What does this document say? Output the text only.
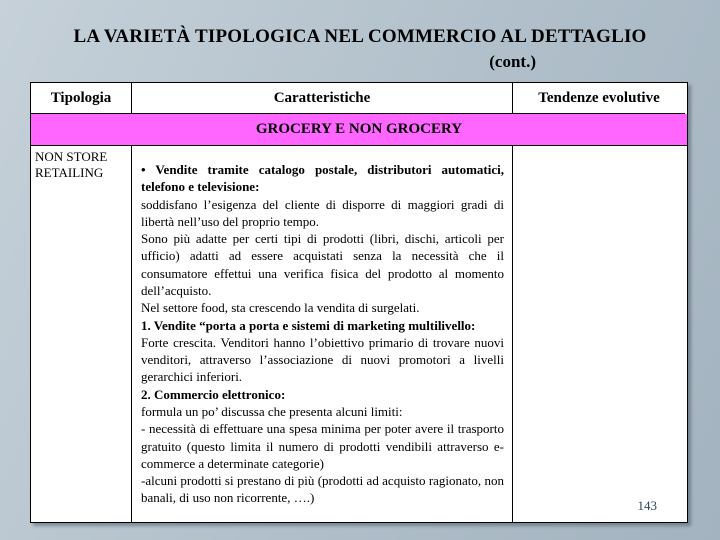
LA VARIETÀ TIPOLOGICA NEL COMMERCIO AL DETTAGLIO
(cont.)
Tipologia	Caratteristiche	Tendenze evolutive
GROCERY E NON GROCERY
NON STORE RETAILING	• Vendite tramite catalogo postale, distributori automatici, telefono e televisione:

soddisfano l’esigenza del cliente di disporre di maggiori gradi di libertà nell’uso del proprio tempo.

Sono più adatte per certi tipi di prodotti (libri, dischi, articoli per ufficio) adatti ad essere acquistati senza la necessità che il consumatore effettui una verifica fisica del prodotto al momento dell’acquisto.

Nel settore food, sta crescendo la vendita di surgelati.

1. Vendite “porta a porta e sistemi di marketing multilivello:

Forte crescita. Venditori hanno l’obiettivo primario di trovare nuovi venditori, attraverso l’associazione di nuovi promotori a livelli gerarchici inferiori.

2. Commercio elettronico:

formula un po’ discussa che presenta alcuni limiti:

- necessità di effettuare una spesa minima per poter avere il trasporto gratuito (questo limita il numero di prodotti vendibili attraverso e-commerce a determinate categorie)

-alcuni prodotti si prestano di più (prodotti ad acquisto ragionato, non banali, di uso non ricorrente, ….)

143
